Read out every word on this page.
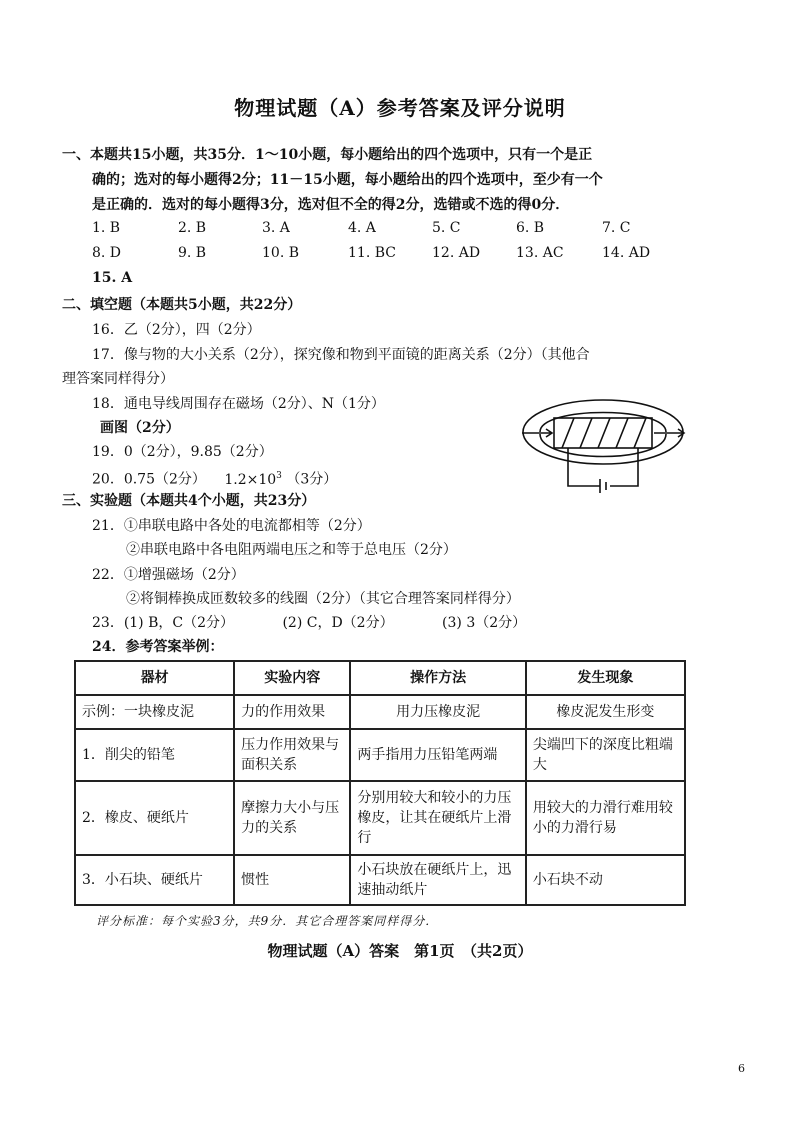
物理试题（A）参考答案及评分说明
一、本题共15小题，共35分．1～10小题，每小题给出的四个选项中，只有一个是正
确的；选对的每小题得2分；11－15小题，每小题给出的四个选项中，至少有一个
是正确的．选对的每小题得3分，选对但不全的得2分，选错或不选的得0分．
1. B	2. B	3. A	4. A	5. C	6. B	7. C
8. D	9. B	10. B	11. BC	12. AD	13. AC	14. AD
15. A
二、填空题（本题共5小题，共22分）
16．乙（2分），四（2分）
17．像与物的大小关系（2分），探究像和物到平面镜的距离关系（2分）（其他合
理答案同样得分）
18．通电导线周围存在磁场（2分）、N（1分）
画图（2分）
19．0（2分），9.85（2分）
20．0.75（2分） $1.2\times 10^3$ （3分）
三、实验题（本题共4个小题，共23分）
21．①串联电路中各处的电流都相等（2分）
②串联电路中各电阻两端电压之和等于总电压（2分）
22．①增强磁场（2分）
②将铜棒换成匝数较多的线圈（2分）（其它合理答案同样得分）
23．(1) B，C（2分）	(2) C，D（2分）	(3) 3（2分）
24．参考答案举例：
器材	实验内容	操作方法	发生现象
示例：一块橡皮泥	力的作用效果	用力压橡皮泥	橡皮泥发生形变
1．削尖的铅笔	压力作用效果与面积关系	两手指用力压铅笔两端	尖端凹下的深度比粗端大
2．橡皮、硬纸片	摩擦力大小与压力的关系	分别用较大和较小的力压橡皮，让其在硬纸片上滑行	用较大的力滑行难用较小的力滑行易
3．小石块、硬纸片	惯性	小石块放在硬纸片上，迅速抽动纸片	小石块不动
评分标准：每个实验3分，共9分．其它合理答案同样得分．
物理试题（A）答案　第1页　（共2页）
6
